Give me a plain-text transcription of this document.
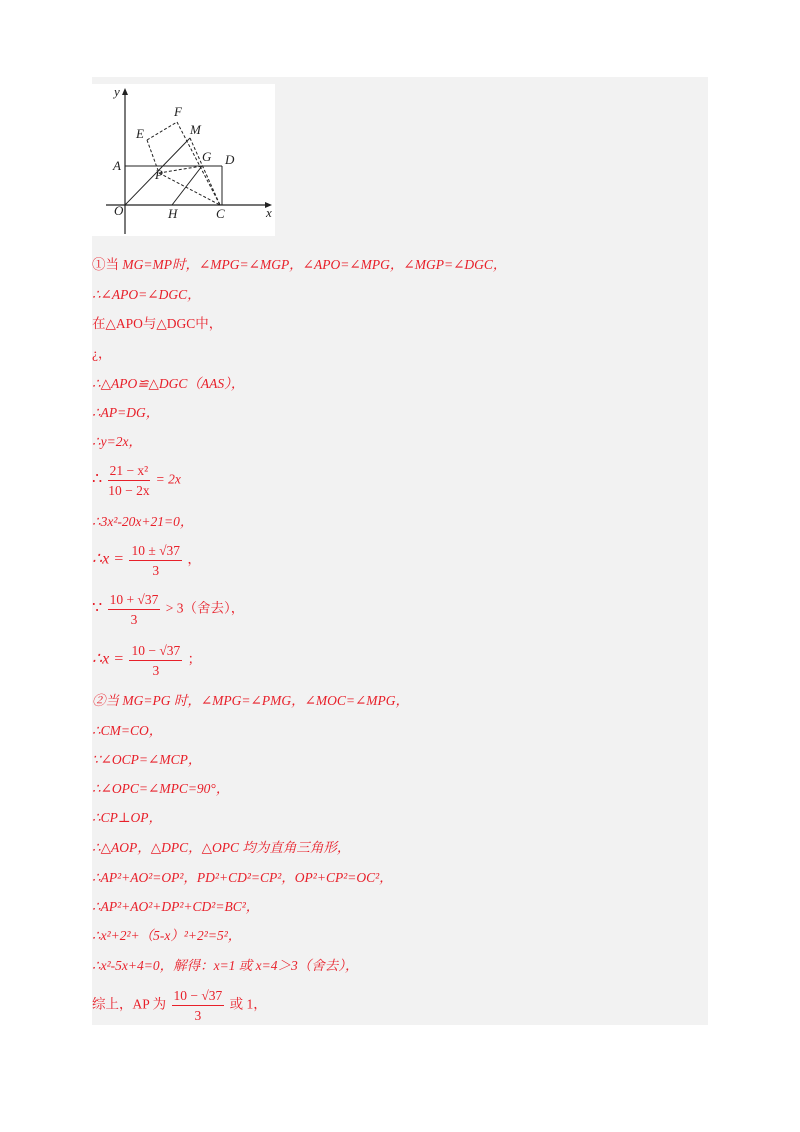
y
x
F
E	M
A
G D
P
O	H	C
①当 MG=MP时，∠MPG=∠MGP，∠APO=∠MPG，∠MGP=∠DGC，
∴∠APO=∠DGC，
在△APO与△DGC中，
¿，
∴△APO≌△DGC（AAS），
∴AP=DG，
∴y=2x，
∴ $\frac{\text{21 − x²}}{10 - 2x} = 2x$
∴3x²-20x+21=0，
∴x = $\frac{10 \pm √37}{3}$ ，
∵ $\frac{10 + √37}{3} > 3$（舍去），
∴x = $\frac{10 - √37}{3}$ ；
②当 MG=PG 时，∠MPG=∠PMG，∠MOC=∠MPG，
∴CM=CO，
∵∠OCP=∠MCP，
∴∠OPC=∠MPC=90°，
∴CP⊥OP，
∴△AOP，△DPC，△OPC 均为直角三角形，
∴AP²+AO²=OP²，PD²+CD²=CP²，OP²+CP²=OC²，
∴AP²+AO²+DP²+CD²=BC²，
∴x²+2²+（5-x）²+2²=5²，
∴x²-5x+4=0，解得：x=1 或 x=4＞3（舍去），
综上，AP 为 $\frac{10 - √37}{3}$ 或 1，
